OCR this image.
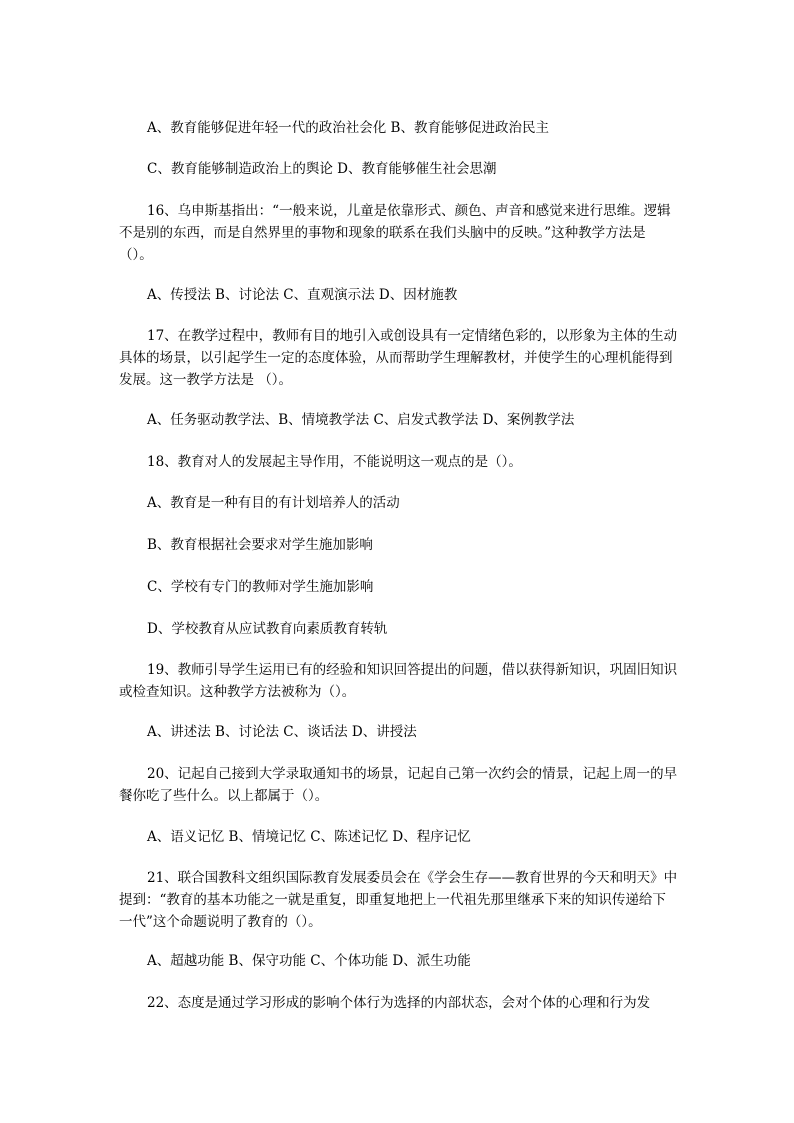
A、教育能够促进年轻一代的政治社会化 B、教育能够促进政治民主

C、教育能够制造政治上的舆论 D、教育能够催生社会思潮

16、乌申斯基指出：“一般来说，儿童是依靠形式、颜色、声音和感觉来进行思维。逻辑不是别的东西，而是自然界里的事物和现象的联系在我们头脑中的反映。”这种教学方法是（）。

A、传授法 B、讨论法 C、直观演示法 D、因材施教

17、在教学过程中，教师有目的地引入或创设具有一定情绪色彩的，以形象为主体的生动具体的场景，以引起学生一定的态度体验，从而帮助学生理解教材，并使学生的心理机能得到发展。这一教学方法是 （）。

A、任务驱动教学法、B、情境教学法 C、启发式教学法 D、案例教学法

18、教育对人的发展起主导作用，不能说明这一观点的是（）。

A、教育是一种有目的有计划培养人的活动

B、教育根据社会要求对学生施加影响

C、学校有专门的教师对学生施加影响

D、学校教育从应试教育向素质教育转轨

19、教师引导学生运用已有的经验和知识回答提出的问题，借以获得新知识，巩固旧知识或检查知识。这种教学方法被称为（）。

A、讲述法 B、讨论法 C、谈话法 D、讲授法

20、记起自己接到大学录取通知书的场景，记起自己第一次约会的情景，记起上周一的早餐你吃了些什么。以上都属于（）。

A、语义记忆 B、情境记忆 C、陈述记忆 D、程序记忆

21、联合国教科文组织国际教育发展委员会在《学会生存——教育世界的今天和明天》中提到：“教育的基本功能之一就是重复，即重复地把上一代祖先那里继承下来的知识传递给下一代”这个命题说明了教育的（）。

A、超越功能 B、保守功能 C、个体功能 D、派生功能

22、态度是通过学习形成的影响个体行为选择的内部状态，会对个体的心理和行为发
